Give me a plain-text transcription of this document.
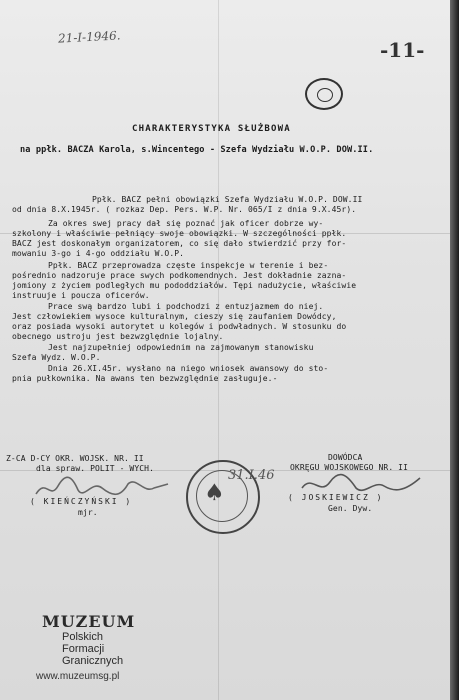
21-I-1946.
-11-
CHARAKTERYSTYKA SŁUŻBOWA
na ppłk. BACZA Karola, s.Wincentego - Szefa Wydziału W.O.P. DOW.II.
Ppłk. BACZ pełni obowiązki Szefa Wydziału W.O.P. DOW.II
od dnia 8.X.1945r. ( rozkaz Dep. Pers. W.P. Nr. 065/I z dnia 9.X.45r).
Za okres swej pracy dał się poznać jak oficer dobrze wy-
szkolony i właściwie pełniący swoje obowiązki. W szczególności ppłk.
BACZ jest doskonałym organizatorem, co się dało stwierdzić przy for-
mowaniu 3-go i 4-go oddziału W.O.P.
Ppłk. BACZ przeprowadza częste inspekcje w terenie i bez-
pośrednio nadzoruje prace swych podkomendnych. Jest dokładnie zazna-
jomiony z życiem podległych mu pododdziałów. Tępi nadużycie, właściwie
instruuje i poucza oficerów.
Prace swą bardzo lubi i podchodzi z entuzjazmem do niej.
Jest człowiekiem wysoce kulturalnym, cieszy się zaufaniem Dowódcy,
oraz posiada wysoki autorytet u kolegów i podwładnych. W stosunku do
obecnego ustroju jest bezwzględnie lojalny.
Jest najzupełniej odpowiednim na zajmowanym stanowisku
Szefa Wydz. W.O.P.
Dnia 26.XI.45r. wysłano na niego wniosek awansowy do sto-
pnia pułkownika. Na awans ten bezwzględnie zasługuje.-
Z-CA D-CY OKR. WOJSK. NR. II
dla spraw. POLIT - WYCH.
( KIEŃCZYŃSKI )
mjr.
♠
31.I.46
DOWÓDCA
OKRĘGU WOJSKOWEGO NR. II
( JOSKIEWICZ )
Gen. Dyw.
MUZEUM
Polskich
Formacji
Granicznych
www.muzeumsg.pl
